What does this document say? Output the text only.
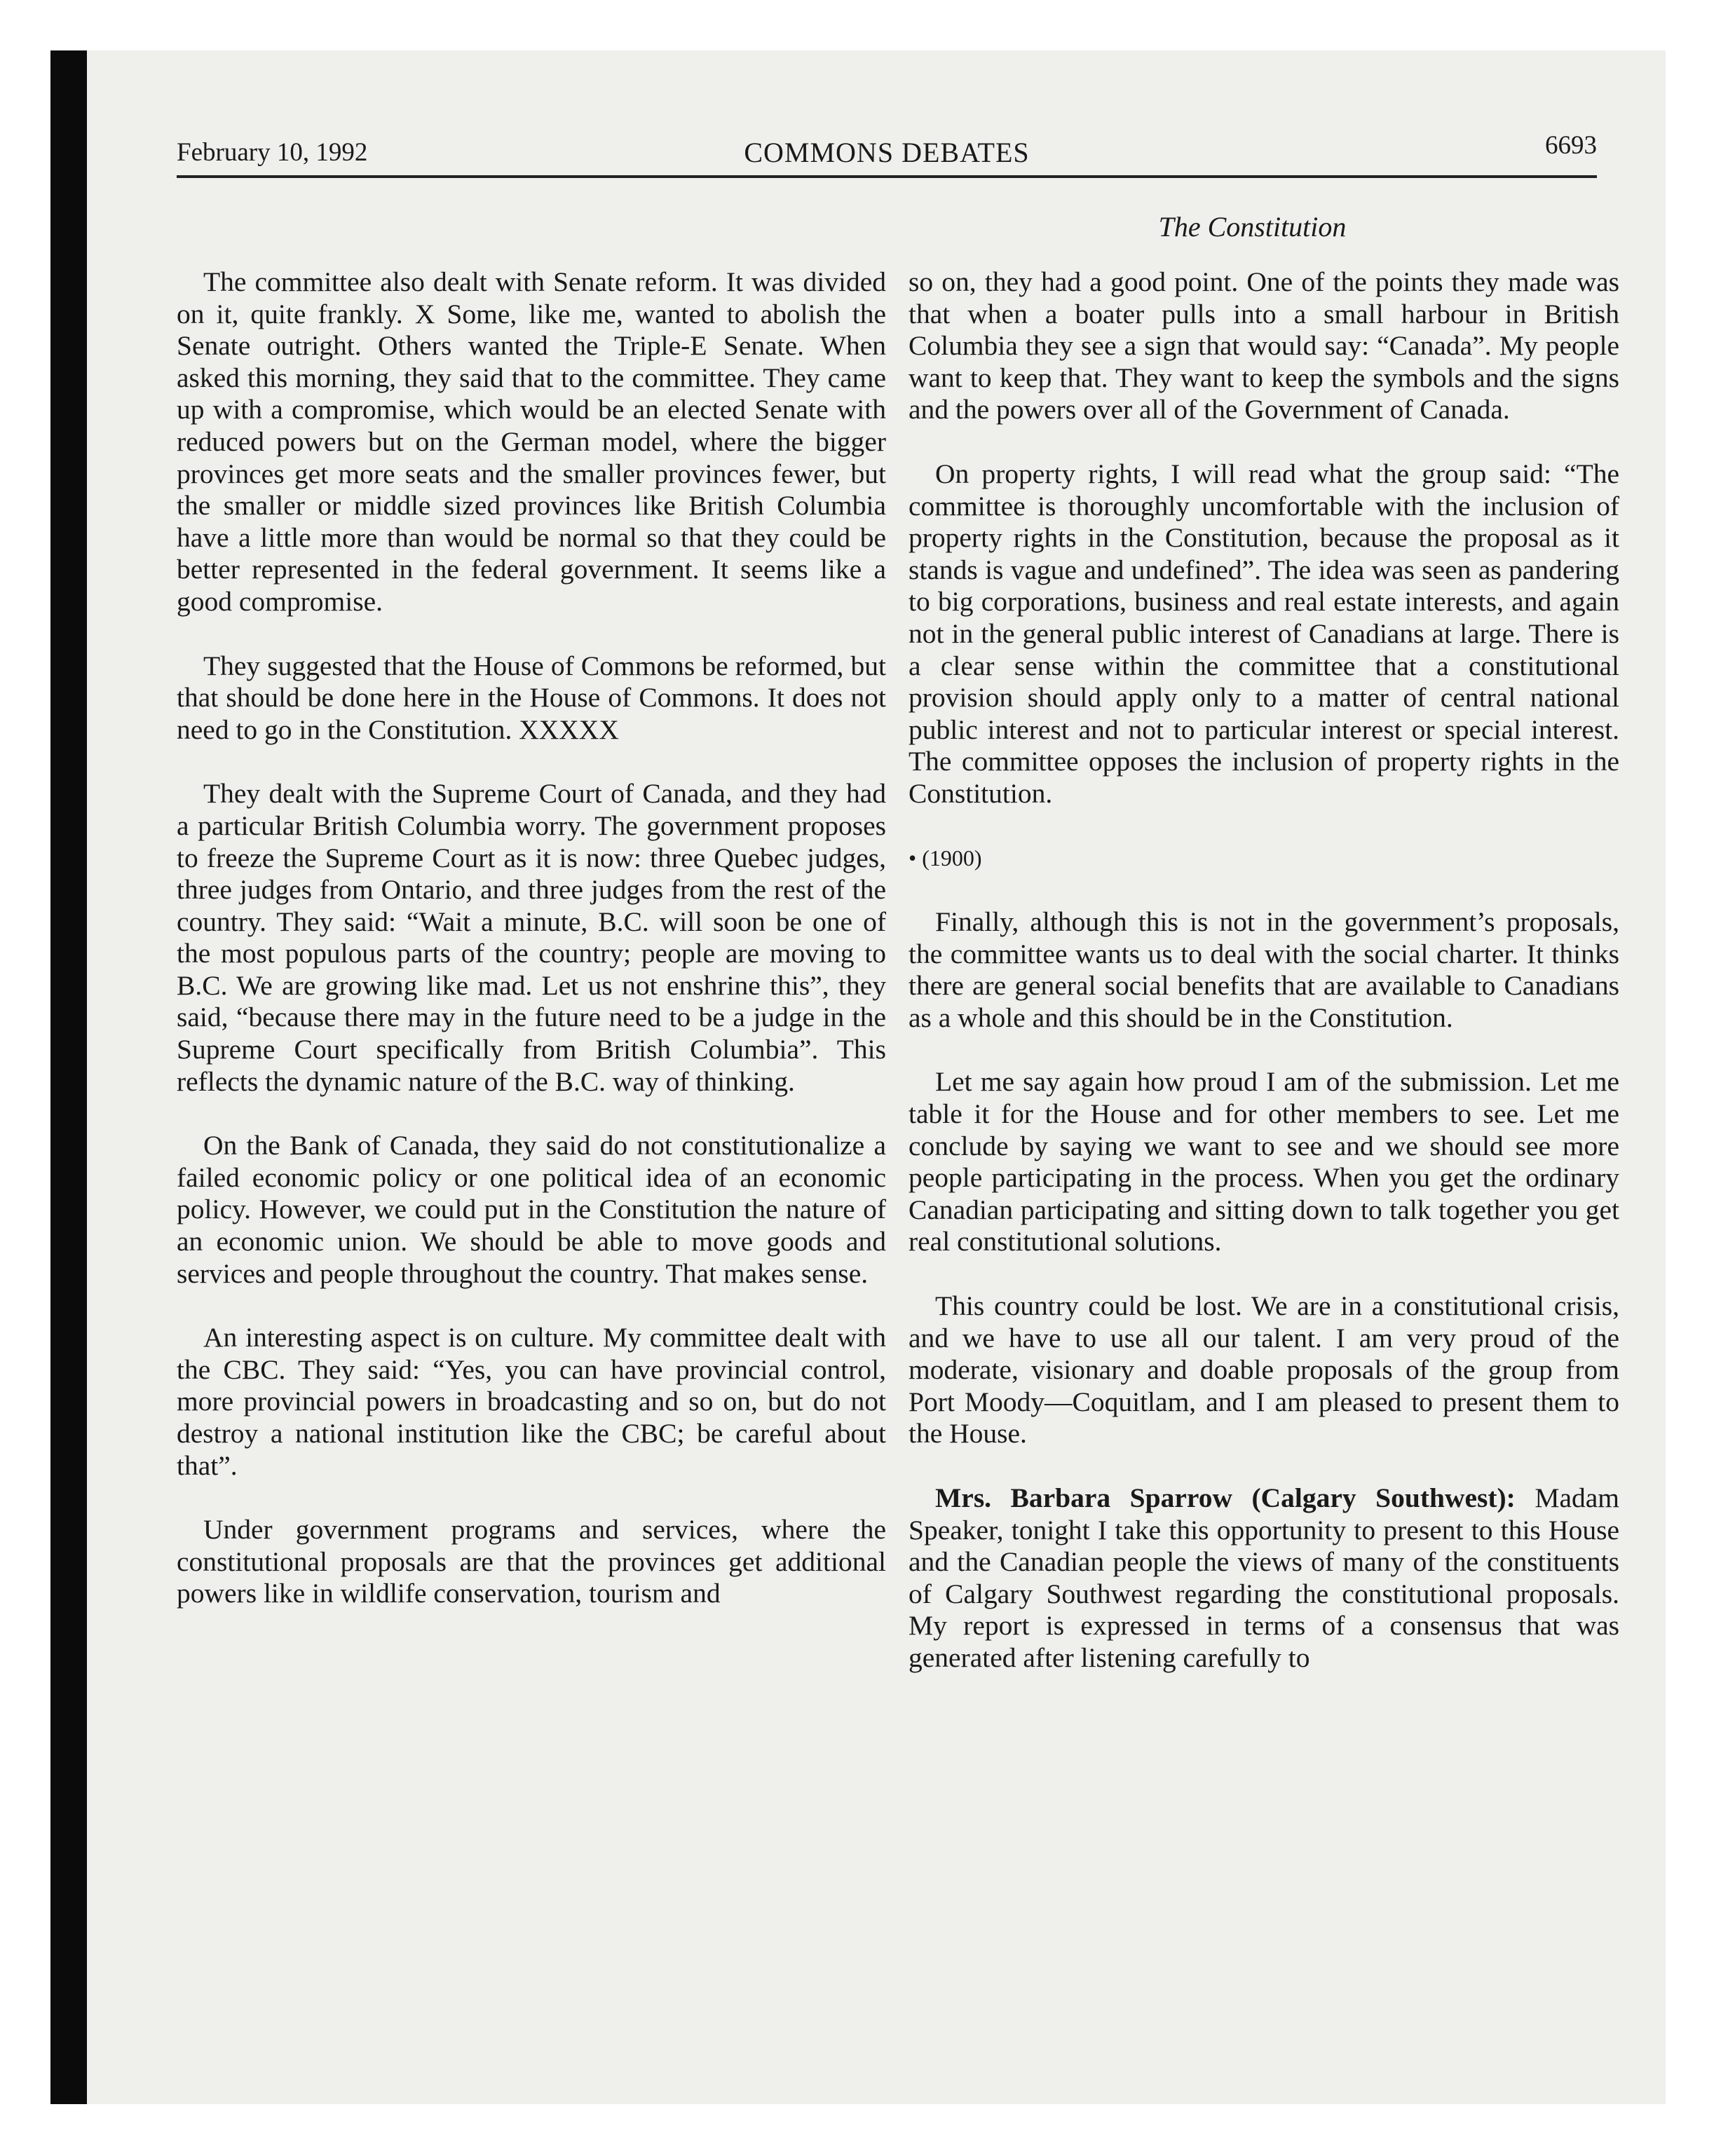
February 10, 1992	COMMONS DEBATES	6693
The Constitution

The committee also dealt with Senate reform. It was divided on it, quite frankly. X Some, like me, wanted to abolish the Senate outright. Others wanted the Triple-E Senate. When asked this morning, they said that to the committee. They came up with a compromise, which would be an elected Senate with reduced powers but on the German model, where the bigger provinces get more seats and the smaller provinces fewer, but the smaller or middle sized provinces like British Columbia have a little more than would be normal so that they could be better represented in the federal government. It seems like a good compromise.

They suggested that the House of Commons be reformed, but that should be done here in the House of Commons. It does not need to go in the Constitution. XXXXX

They dealt with the Supreme Court of Canada, and they had a particular British Columbia worry. The government proposes to freeze the Supreme Court as it is now: three Quebec judges, three judges from Ontario, and three judges from the rest of the country. They said: “Wait a minute, B.C. will soon be one of the most populous parts of the country; people are moving to B.C. We are growing like mad. Let us not enshrine this”, they said, “because there may in the future need to be a judge in the Supreme Court specifically from British Columbia”. This reflects the dynamic nature of the B.C. way of thinking.

On the Bank of Canada, they said do not constitutionalize a failed economic policy or one political idea of an economic policy. However, we could put in the Constitution the nature of an economic union. We should be able to move goods and services and people throughout the country. That makes sense.

An interesting aspect is on culture. My committee dealt with the CBC. They said: “Yes, you can have provincial control, more provincial powers in broadcasting and so on, but do not destroy a national institution like the CBC; be careful about that”.

Under government programs and services, where the constitutional proposals are that the provinces get additional powers like in wildlife conservation, tourism and

so on, they had a good point. One of the points they made was that when a boater pulls into a small harbour in British Columbia they see a sign that would say: “Canada”. My people want to keep that. They want to keep the symbols and the signs and the powers over all of the Government of Canada.

On property rights, I will read what the group said: “The committee is thoroughly uncomfortable with the inclusion of property rights in the Constitution, because the proposal as it stands is vague and undefined”. The idea was seen as pandering to big corporations, business and real estate interests, and again not in the general public interest of Canadians at large. There is a clear sense within the committee that a constitutional provision should apply only to a matter of central national public interest and not to particular interest or special interest. The committee opposes the inclusion of property rights in the Constitution.

• (1900)

Finally, although this is not in the government’s proposals, the committee wants us to deal with the social charter. It thinks there are general social benefits that are available to Canadians as a whole and this should be in the Constitution.

Let me say again how proud I am of the submission. Let me table it for the House and for other members to see. Let me conclude by saying we want to see and we should see more people participating in the process. When you get the ordinary Canadian participating and sitting down to talk together you get real constitutional solutions.

This country could be lost. We are in a constitutional crisis, and we have to use all our talent. I am very proud of the moderate, visionary and doable proposals of the group from Port Moody—Coquitlam, and I am pleased to present them to the House.

Mrs. Barbara Sparrow (Calgary Southwest): Madam Speaker, tonight I take this opportunity to present to this House and the Canadian people the views of many of the constituents of Calgary Southwest regarding the constitutional proposals. My report is expressed in terms of a consensus that was generated after listening carefully to
